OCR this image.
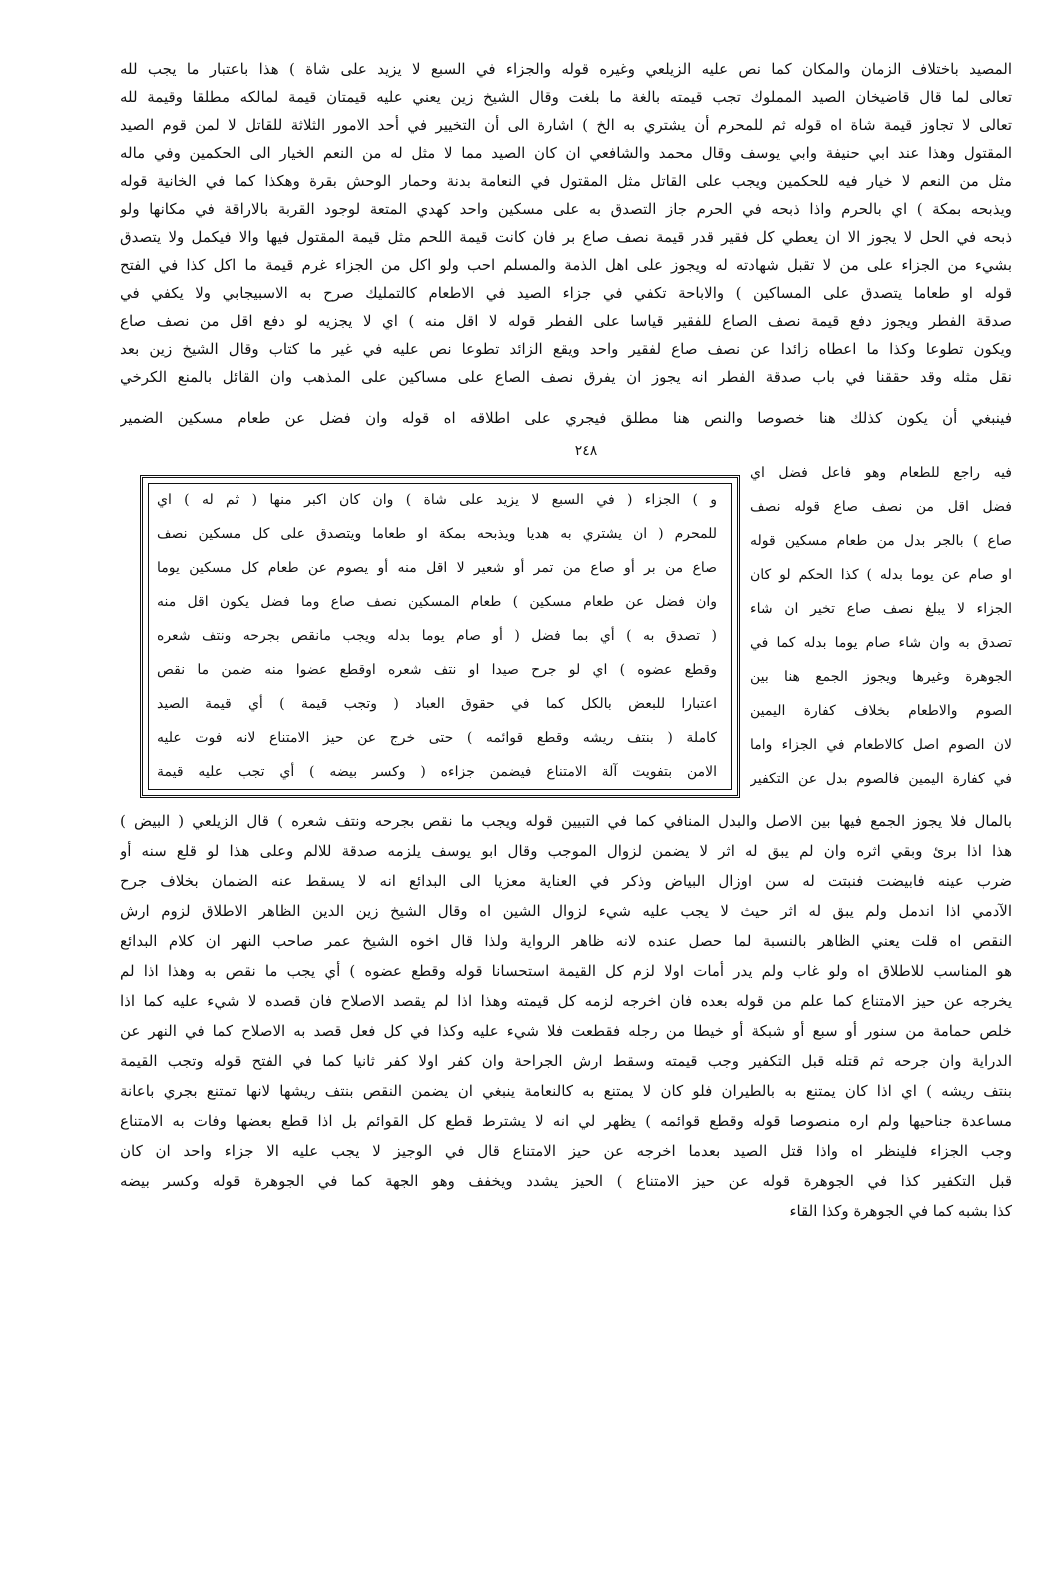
المصيد باختلاف الزمان والمكان كما نص عليه الزيلعي وغيره قوله والجزاء في السبع لا يزيد على شاة ) هذا باعتبار ما يجب لله
تعالى لما قال قاضيخان الصيد المملوك تجب قيمته بالغة ما بلغت وقال الشيخ زين يعني عليه قيمتان قيمة لمالكه مطلقا وقيمة لله
تعالى لا تجاوز قيمة شاة اه قوله ثم للمحرم أن يشتري به الخ ) اشارة الى أن التخيير في أحد الامور الثلاثة للقاتل لا لمن قوم الصيد
المقتول وهذا عند ابي حنيفة وابي يوسف وقال محمد والشافعي ان كان الصيد مما لا مثل له من النعم الخيار الى الحكمين وفي ماله
مثل من النعم لا خيار فيه للحكمين ويجب على القاتل مثل المقتول في النعامة بدنة وحمار الوحش بقرة وهكذا كما في الخانية قوله
ويذبحه بمكة ) اي بالحرم واذا ذبحه في الحرم جاز التصدق به على مسكين واحد كهدي المتعة لوجود القربة بالاراقة في مكانها ولو
ذبحه في الحل لا يجوز الا ان يعطي كل فقير قدر قيمة نصف صاع بر فان كانت قيمة اللحم مثل قيمة المقتول فيها والا فيكمل ولا يتصدق
بشيء من الجزاء على من لا تقبل شهادته له ويجوز على اهل الذمة والمسلم احب ولو اكل من الجزاء غرم قيمة ما اكل كذا في الفتح
قوله او طعاما يتصدق على المساكين ) والاباحة تكفي في جزاء الصيد في الاطعام كالتمليك صرح به الاسبيجابي ولا يكفي في
صدقة الفطر ويجوز دفع قيمة نصف الصاع للفقير قياسا على الفطر قوله لا اقل منه ) اي لا يجزيه لو دفع اقل من نصف صاع
ويكون تطوعا وكذا ما اعطاه زائدا عن نصف صاع لفقير واحد ويقع الزائد تطوعا نص عليه في غير ما كتاب وقال الشيخ زين بعد
نقل مثله وقد حققنا في باب صدقة الفطر انه يجوز ان يفرق نصف الصاع على مساكين على المذهب وان القائل بالمنع الكرخي
فينبغي أن يكون كذلك هنا خصوصا والنص هنا مطلق فيجري على اطلاقه اه قوله وان فضل عن طعام مسكين الضمير
٢٤٨
فيه راجع للطعام وهو فاعل فضل اي
فضل اقل من نصف صاع قوله نصف
صاع ) بالجر بدل من طعام مسكين قوله
او صام عن يوما بدله ) كذا الحكم لو كان
الجزاء لا يبلغ نصف صاع تخير ان شاء
تصدق به وان شاء صام يوما بدله كما في
الجوهرة وغيرها ويجوز الجمع هنا بين
الصوم والاطعام بخلاف كفارة اليمين
لان الصوم اصل كالاطعام في الجزاء واما
في كفارة اليمين فالصوم بدل عن التكفير
و ) الجزاء ( في السبع لا يزيد على شاة ) وان كان اكبر منها ( ثم له ) اي
للمحرم ( ان يشتري به هديا ويذبحه بمكة او طعاما ويتصدق على كل مسكين نصف
صاع من بر أو صاع من تمر أو شعير لا اقل منه أو يصوم عن طعام كل مسكين يوما
وان فضل عن طعام مسكين ) طعام المسكين نصف صاع وما فضل يكون اقل منه
( تصدق به ) أي بما فضل ( أو صام يوما بدله ويجب مانقص بجرحه ونتف شعره
وقطع عضوه ) اي لو جرح صيدا او نتف شعره اوقطع عضوا منه ضمن ما نقص
اعتبارا للبعض بالكل كما في حقوق العباد ( وتجب قيمة ) أي قيمة الصيد
كاملة ( بنتف ريشه وقطع قوائمه ) حتى خرج عن حيز الامتناع لانه فوت عليه
الامن بتفويت آلة الامتناع فيضمن جزاءه ( وكسر بيضه ) أي تجب عليه قيمة
بالمال فلا يجوز الجمع فيها بين الاصل والبدل المنافي كما في التبيين قوله ويجب ما نقص بجرحه ونتف شعره ) قال الزيلعي ( البيض )
هذا اذا برئ وبقي اثره وان لم يبق له اثر لا يضمن لزوال الموجب وقال ابو يوسف يلزمه صدقة للالم وعلى هذا لو قلع سنه أو
ضرب عينه فابيضت فنبتت له سن اوزال البياض وذكر في العناية معزيا الى البدائع انه لا يسقط عنه الضمان بخلاف جرح
الآدمي اذا اندمل ولم يبق له اثر حيث لا يجب عليه شيء لزوال الشين اه وقال الشيخ زين الدين الظاهر الاطلاق لزوم ارش
النقص اه قلت يعني الظاهر بالنسبة لما حصل عنده لانه ظاهر الرواية ولذا قال اخوه الشيخ عمر صاحب النهر ان كلام البدائع
هو المناسب للاطلاق اه ولو غاب ولم يدر أمات اولا لزم كل القيمة استحسانا قوله وقطع عضوه ) أي يجب ما نقص به وهذا اذا لم
يخرجه عن حيز الامتناع كما علم من قوله بعده فان اخرجه لزمه كل قيمته وهذا اذا لم يقصد الاصلاح فان قصده لا شيء عليه كما اذا
خلص حمامة من سنور أو سبع أو شبكة أو خيطا من رجله فقطعت فلا شيء عليه وكذا في كل فعل قصد به الاصلاح كما في النهر عن
الدراية وان جرحه ثم قتله قبل التكفير وجب قيمته وسقط ارش الجراحة وان كفر اولا كفر ثانيا كما في الفتح قوله وتجب القيمة
بنتف ريشه ) اي اذا كان يمتنع به بالطيران فلو كان لا يمتنع به كالنعامة ينبغي ان يضمن النقص بنتف ريشها لانها تمتنع بجري باعانة
مساعدة جناحيها ولم اره منصوصا قوله وقطع قوائمه ) يظهر لي انه لا يشترط قطع كل القوائم بل اذا قطع بعضها وفات به الامتناع
وجب الجزاء فلينظر اه واذا قتل الصيد بعدما اخرجه عن حيز الامتناع قال في الوجيز لا يجب عليه الا جزاء واحد ان كان
قبل التكفير كذا في الجوهرة قوله عن حيز الامتناع ) الحيز يشدد ويخفف وهو الجهة كما في الجوهرة قوله وكسر بيضه
كذا بشبه كما في الجوهرة وكذا القاء
